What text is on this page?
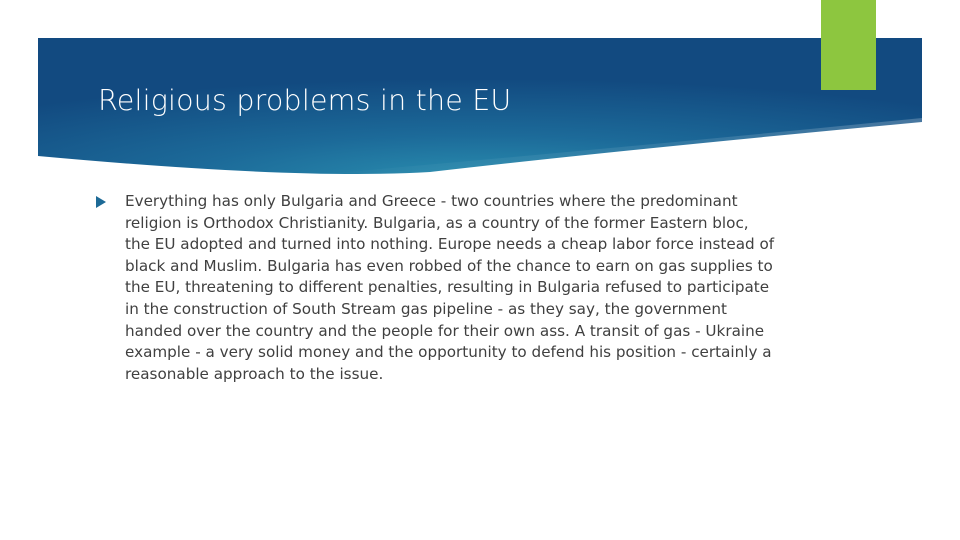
Religious problems in the EU

Everything has only Bulgaria and Greece - two countries where the predominant religion is Orthodox Christianity. Bulgaria, as a country of the former Eastern bloc, the EU adopted and turned into nothing. Europe needs a cheap labor force instead of black and Muslim. Bulgaria has even robbed of the chance to earn on gas supplies to the EU, threatening to different penalties, resulting in Bulgaria refused to participate in the construction of South Stream gas pipeline - as they say, the government handed over the country and the people for their own ass. A transit of gas - Ukraine example - a very solid money and the opportunity to defend his position - certainly a reasonable approach to the issue.
